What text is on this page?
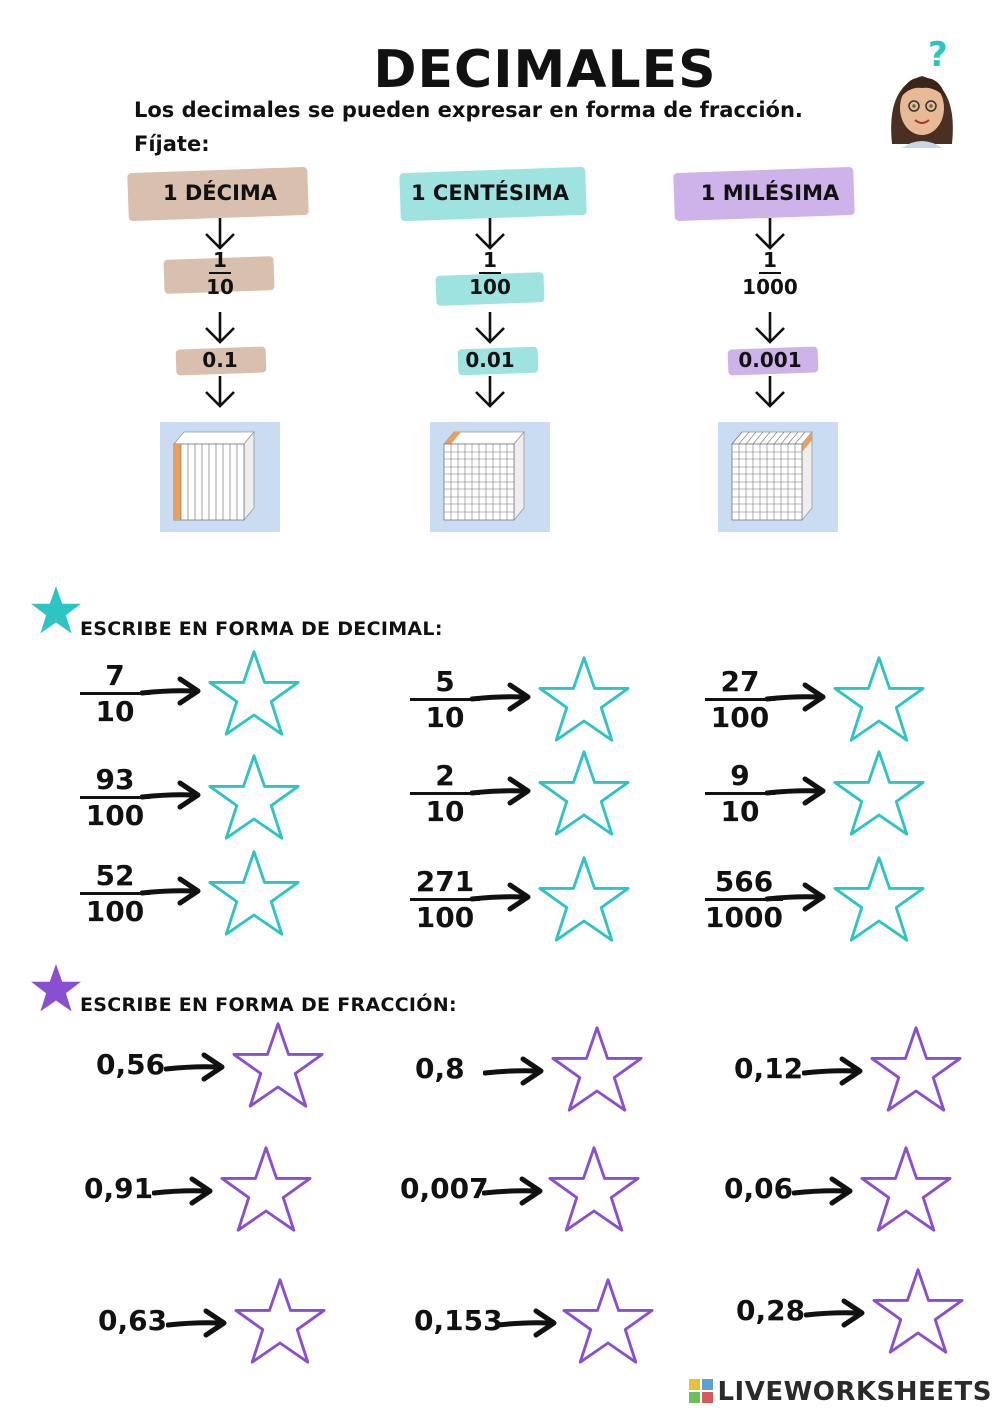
DECIMALES
Los decimales se pueden expresar en forma de fracción.
Fíjate:
?
1 DÉCIMA
$\frac{1}{10}$
0.1
1 CENTÉSIMA
$\frac{1}{100}$
0.01
1 MILÉSIMA
$\frac{1}{1000}$
0.001
ESCRIBE EN FORMA DE DECIMAL:
$\frac{7}{10}$	$\frac{5}{10}$	$\frac{27}{100}$
$\frac{93}{100}$	$\frac{2}{10}$	$\frac{9}{10}$
$\frac{52}{100}$	$\frac{271}{100}$	$\frac{566}{1000}$
ESCRIBE EN FORMA DE FRACCIÓN:
0,56	0,8	0,12
0,91	0,007	0,06
0,63	0,153	0,28
LIVEWORKSHEETS
